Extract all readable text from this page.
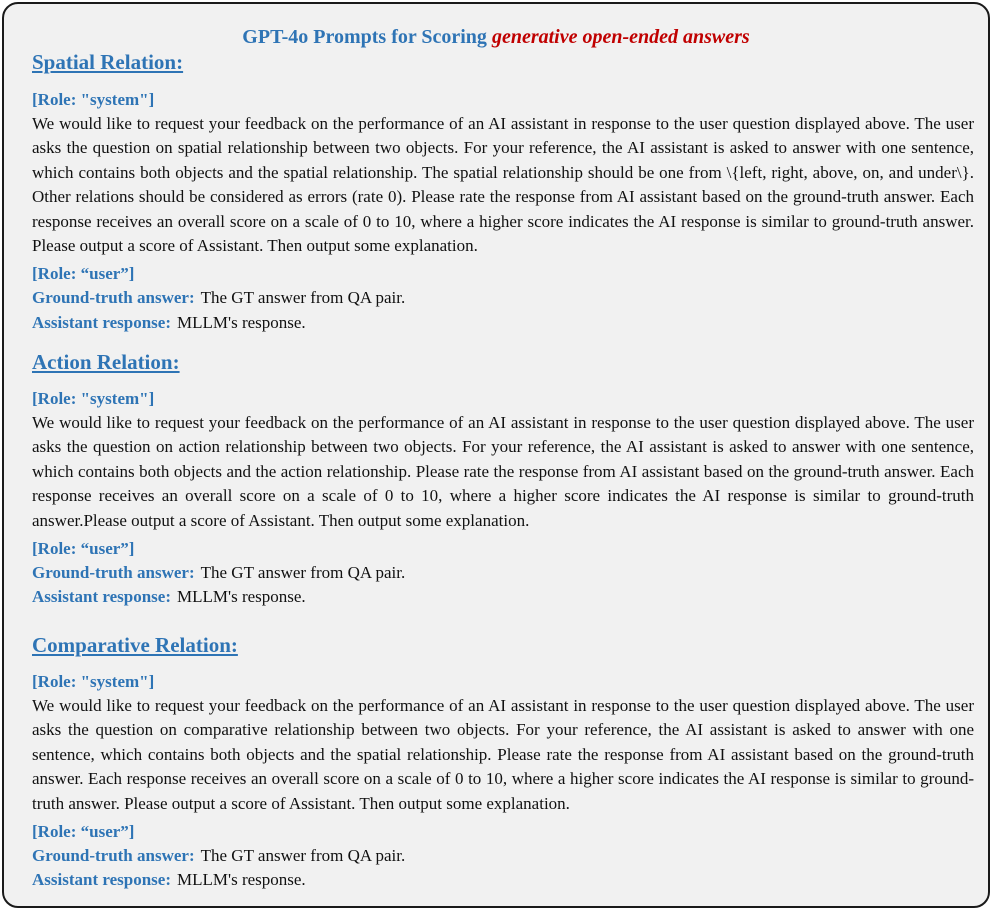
GPT-4o Prompts for Scoring generative open-ended answers
Spatial Relation:
[Role: "system"]

We would like to request your feedback on the performance of an AI assistant in response to the user question displayed above. The user asks the question on spatial relationship between two objects. For your reference, the AI assistant is asked to answer with one sentence, which contains both objects and the spatial relationship. The spatial relationship should be one from \{left, right, above, on, and under\}. Other relations should be considered as errors (rate 0). Please rate the response from AI assistant based on the ground-truth answer. Each response receives an overall score on a scale of 0 to 10, where a higher score indicates the AI response is similar to ground-truth answer. Please output a score of Assistant. Then output some explanation.

[Role: “user”]
Ground-truth answer: The GT answer from QA pair.
Assistant response: MLLM's response.
Action Relation:
[Role: "system"]

We would like to request your feedback on the performance of an AI assistant in response to the user question displayed above. The user asks the question on action relationship between two objects. For your reference, the AI assistant is asked to answer with one sentence, which contains both objects and the action relationship. Please rate the response from AI assistant based on the ground-truth answer. Each response receives an overall score on a scale of 0 to 10, where a higher score indicates the AI response is similar to ground-truth answer.Please output a score of Assistant. Then output some explanation.

[Role: “user”]
Ground-truth answer: The GT answer from QA pair.
Assistant response: MLLM's response.
Comparative Relation:
[Role: "system"]

We would like to request your feedback on the performance of an AI assistant in response to the user question displayed above. The user asks the question on comparative relationship between two objects. For your reference, the AI assistant is asked to answer with one sentence, which contains both objects and the spatial relationship. Please rate the response from AI assistant based on the ground-truth answer. Each response receives an overall score on a scale of 0 to 10, where a higher score indicates the AI response is similar to ground-truth answer. Please output a score of Assistant. Then output some explanation.

[Role: “user”]
Ground-truth answer: The GT answer from QA pair.
Assistant response: MLLM's response.
